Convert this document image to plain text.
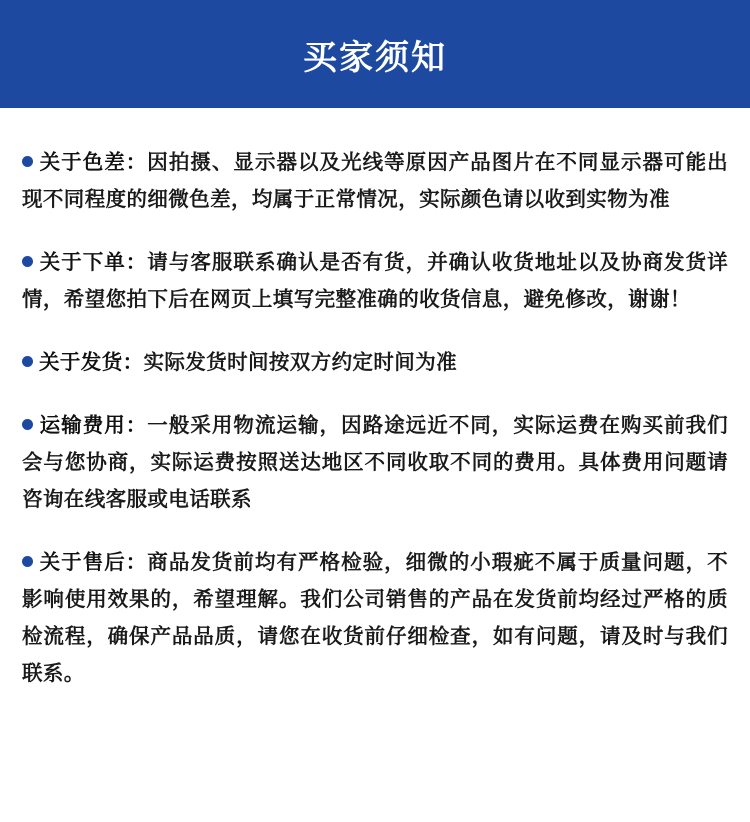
买家须知

关于色差：因拍摄、显示器以及光线等原因产品图片在不同显示器可能出现不同程度的细微色差，均属于正常情况，实际颜色请以收到实物为准

关于下单：请与客服联系确认是否有货，并确认收货地址以及协商发货详情，希望您拍下后在网页上填写完整准确的收货信息，避免修改，谢谢！

关于发货：实际发货时间按双方约定时间为准

运输费用：一般采用物流运输，因路途远近不同，实际运费在购买前我们会与您协商，实际运费按照送达地区不同收取不同的费用。具体费用问题请咨询在线客服或电话联系

关于售后：商品发货前均有严格检验，细微的小瑕疵不属于质量问题，不影响使用效果的，希望理解。我们公司销售的产品在发货前均经过严格的质检流程，确保产品品质，请您在收货前仔细检查，如有问题，请及时与我们联系。
